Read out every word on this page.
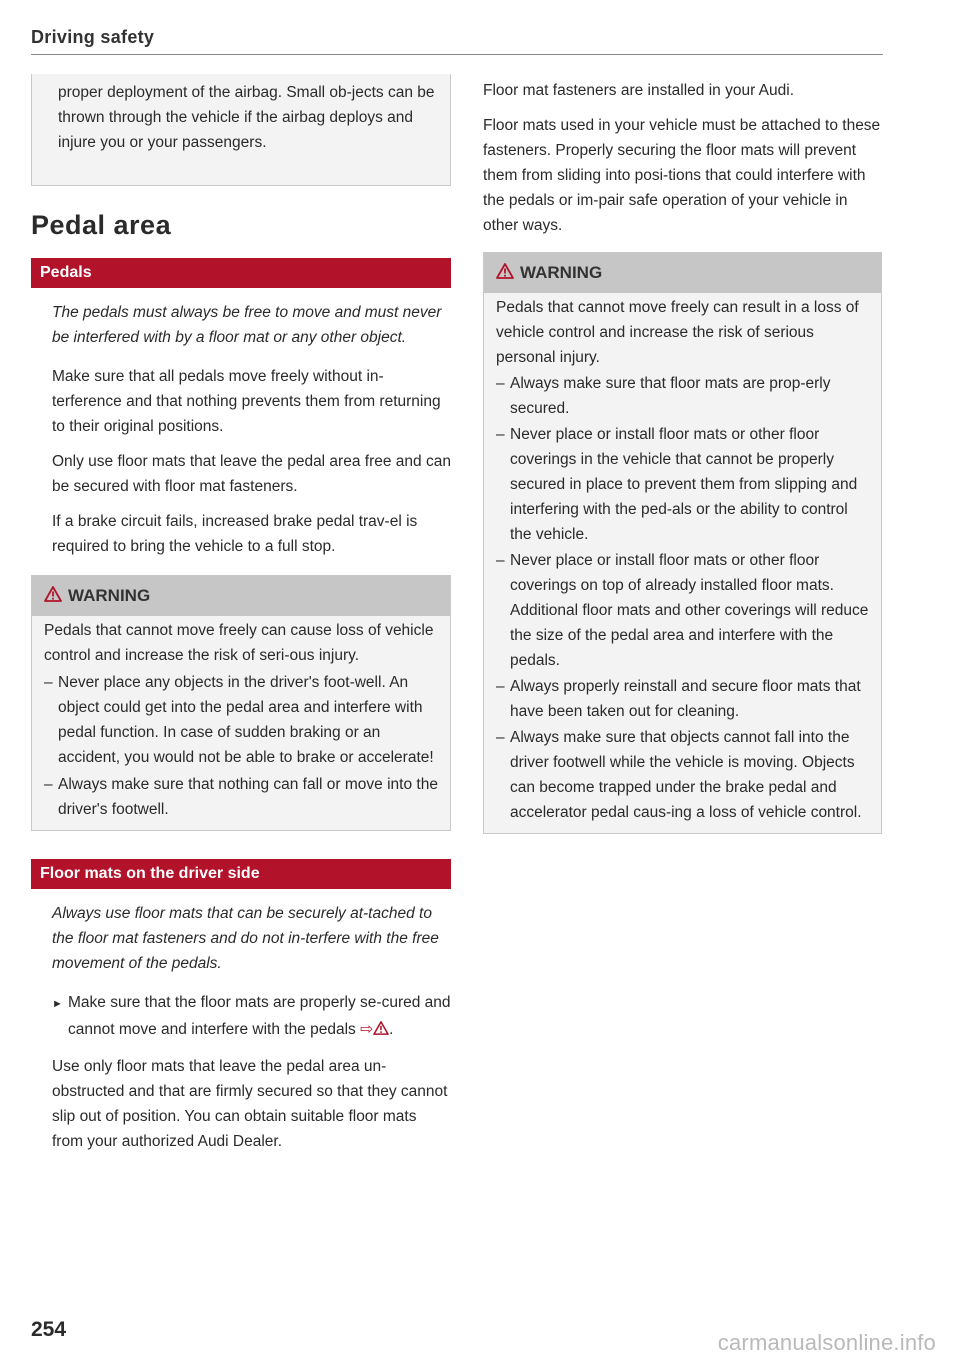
Driving safety

proper deployment of the airbag. Small ob-jects can be thrown through the vehicle if the airbag deploys and injure you or your passengers.

Pedal area
Pedals

The pedals must always be free to move and must never be interfered with by a floor mat or any other object.

Make sure that all pedals move freely without in-terference and that nothing prevents them from returning to their original positions.

Only use floor mats that leave the pedal area free and can be secured with floor mat fasteners.

If a brake circuit fails, increased brake pedal trav-el is required to bring the vehicle to a full stop.

WARNING

Pedals that cannot move freely can cause loss of vehicle control and increase the risk of seri-ous injury.

– Never place any objects in the driver's foot-well. An object could get into the pedal area and interfere with pedal function. In case of sudden braking or an accident, you would not be able to brake or accelerate!

– Always make sure that nothing can fall or move into the driver's footwell.

Floor mats on the driver side

Always use floor mats that can be securely at-tached to the floor mat fasteners and do not in-terfere with the free movement of the pedals.

► Make sure that the floor mats are properly se-cured and cannot move and interfere with the pedals ⇨ .

Use only floor mats that leave the pedal area un-obstructed and that are firmly secured so that they cannot slip out of position. You can obtain suitable floor mats from your authorized Audi Dealer.

Floor mat fasteners are installed in your Audi.

Floor mats used in your vehicle must be attached to these fasteners. Properly securing the floor mats will prevent them from sliding into posi-tions that could interfere with the pedals or im-pair safe operation of your vehicle in other ways.

WARNING

Pedals that cannot move freely can result in a loss of vehicle control and increase the risk of serious personal injury.

– Always make sure that floor mats are prop-erly secured.

– Never place or install floor mats or other floor coverings in the vehicle that cannot be properly secured in place to prevent them from slipping and interfering with the ped-als or the ability to control the vehicle.

– Never place or install floor mats or other floor coverings on top of already installed floor mats. Additional floor mats and other coverings will reduce the size of the pedal area and interfere with the pedals.

– Always properly reinstall and secure floor mats that have been taken out for cleaning.

– Always make sure that objects cannot fall into the driver footwell while the vehicle is moving. Objects can become trapped under the brake pedal and accelerator pedal caus-ing a loss of vehicle control.

254
carmanualsonline.info
